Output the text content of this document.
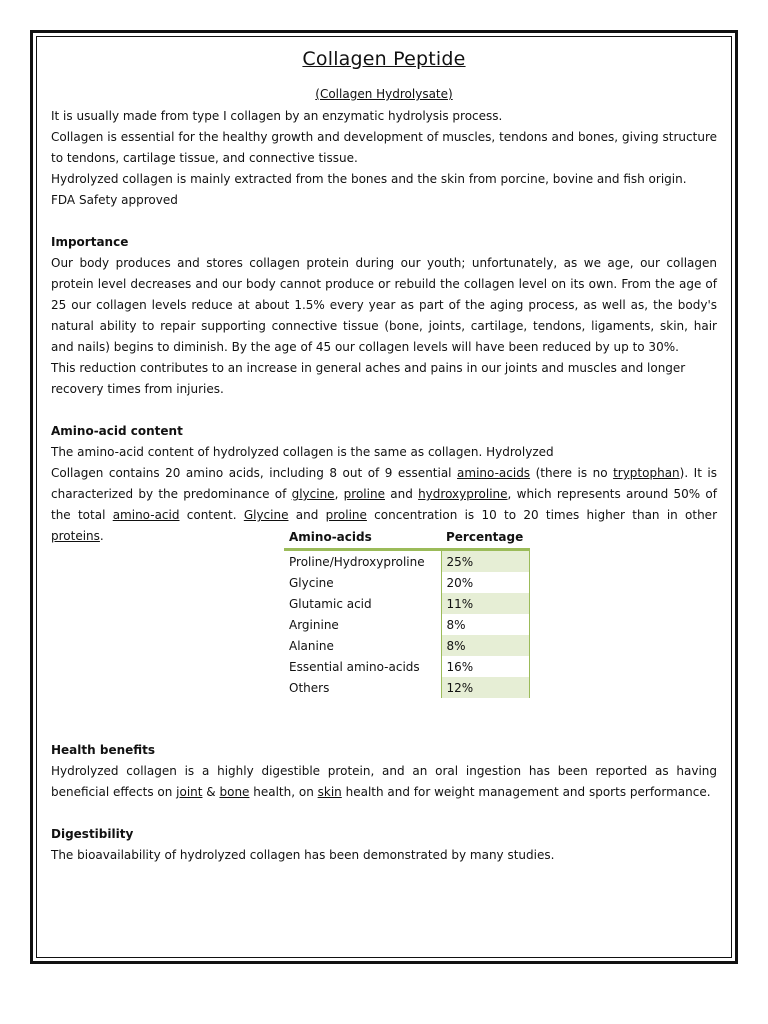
Collagen Peptide
(Collagen Hydrolysate)

It is usually made from type I collagen by an enzymatic hydrolysis process.

Collagen is essential for the healthy growth and development of muscles, tendons and bones, giving structure to tendons, cartilage tissue, and connective tissue.

Hydrolyzed collagen is mainly extracted from the bones and the skin from porcine, bovine and fish origin.

FDA Safety approved

Importance

Our body produces and stores collagen protein during our youth; unfortunately, as we age, our collagen protein level decreases and our body cannot produce or rebuild the collagen level on its own. From the age of 25 our collagen levels reduce at about 1.5% every year as part of the aging process, as well as, the body's natural ability to repair supporting connective tissue (bone, joints, cartilage, tendons, ligaments, skin, hair and nails) begins to diminish. By the age of 45 our collagen levels will have been reduced by up to 30%.

This reduction contributes to an increase in general aches and pains in our joints and muscles and longer recovery times from injuries.

Amino-acid content

The amino-acid content of hydrolyzed collagen is the same as collagen. Hydrolyzed

Collagen contains 20 amino acids, including 8 out of 9 essential amino-acids (there is no tryptophan). It is characterized by the predominance of glycine, proline and hydroxyproline, which represents around 50% of the total amino-acid content. Glycine and proline concentration is 10 to 20 times higher than in other proteins.	Amino-acids	Percentage
Proline/Hydroxyproline	25%
Glycine	20%
Glutamic acid	11%
Arginine	8%
Alanine	8%
Essential amino-acids	16%
Others	12%

Health benefits

Hydrolyzed collagen is a highly digestible protein, and an oral ingestion has been reported as having beneficial effects on joint & bone health, on skin health and for weight management and sports performance.

Digestibility

The bioavailability of hydrolyzed collagen has been demonstrated by many studies.
